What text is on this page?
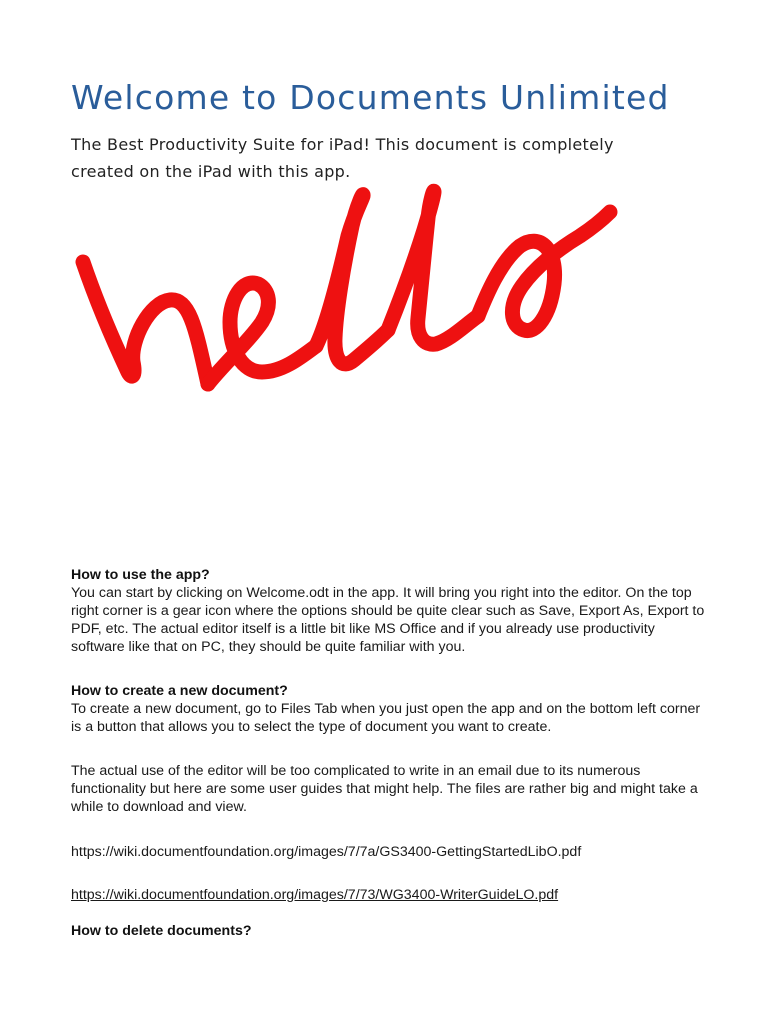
Welcome to Documents Unlimited

The Best Productivity Suite for iPad! This document is completely created on the iPad with this app.

How to use the app?

You can start by clicking on Welcome.odt in the app. It will bring you right into the editor. On the top right corner is a gear icon where the options should be quite clear such as Save, Export As, Export to PDF, etc. The actual editor itself is a little bit like MS Office and if you already use productivity software like that on PC, they should be quite familiar with you.

How to create a new document?

To create a new document, go to Files Tab when you just open the app and on the bottom left corner is a button that allows you to select the type of document you want to create.

The actual use of the editor will be too complicated to write in an email due to its numerous functionality but here are some user guides that might help. The files are rather big and might take a while to download and view.

https://wiki.documentfoundation.org/images/7/7a/GS3400-GettingStartedLibO.pdf
https://wiki.documentfoundation.org/images/7/73/WG3400-WriterGuideLO.pdf

How to delete documents?
